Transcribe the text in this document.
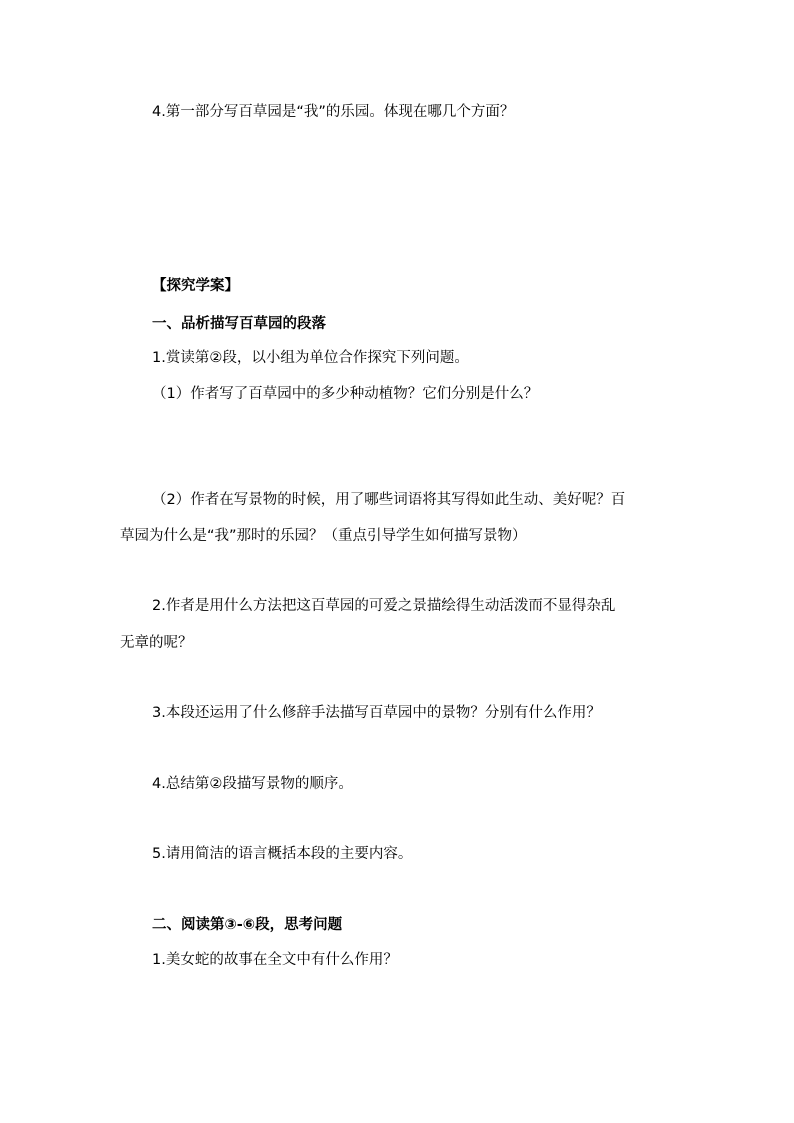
4.第一部分写百草园是“我”的乐园。体现在哪几个方面？
【探究学案】
一、品析描写百草园的段落
1.赏读第②段，以小组为单位合作探究下列问题。
（1）作者写了百草园中的多少种动植物？它们分别是什么？
（2）作者在写景物的时候，用了哪些词语将其写得如此生动、美好呢？百
草园为什么是“我”那时的乐园？（重点引导学生如何描写景物）
2.作者是用什么方法把这百草园的可爱之景描绘得生动活泼而不显得杂乱
无章的呢？
3.本段还运用了什么修辞手法描写百草园中的景物？分别有什么作用？
4.总结第②段描写景物的顺序。
5.请用简洁的语言概括本段的主要内容。
二、阅读第③-⑥段，思考问题
1.美女蛇的故事在全文中有什么作用？
